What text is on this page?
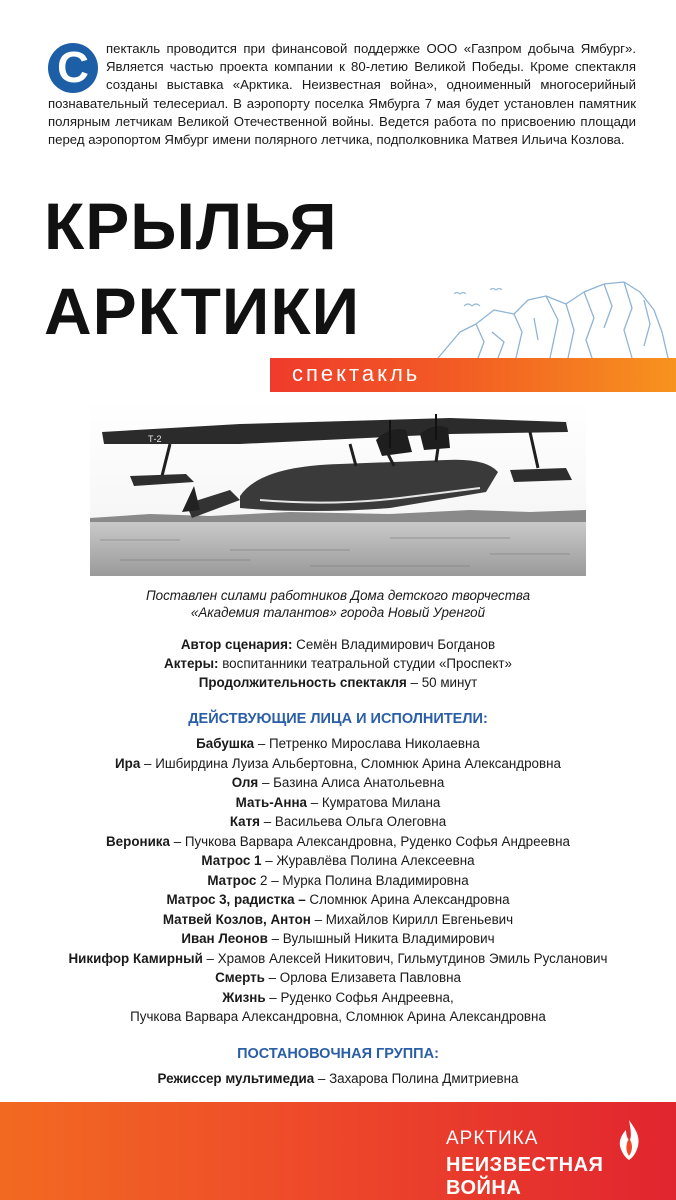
С	пектакль проводится при финансовой поддержке ООО «Газпром добыча Ямбург». Является частью проекта компании к 80-летию Великой Победы. Кроме спектакля созданы выставка «Арктика. Неизвестная война», одноименный многосерийный познавательный телесериал. В аэропорту поселка Ямбурга 7 мая будет установлен памятник полярным летчикам Великой Отечественной войны. Ведется работа по присвоению площади перед аэропортом Ямбург имени полярного летчика, подполковника Матвея Ильича Козлова.
КРЫЛЬЯ
АРКТИКИ
спектакль
Т-2
Поставлен силами работников Дома детского творчества
«Академия талантов» города Новый Уренгой
Автор сценария: Семён Владимирович Богданов
Актеры: воспитанники театральной студии «Проспект»
Продолжительность спектакля – 50 минут
ДЕЙСТВУЮЩИЕ ЛИЦА И ИСПОЛНИТЕЛИ:
Бабушка – Петренко Мирослава Николаевна
Ира – Ишбирдина Луиза Альбертовна, Сломнюк Арина Александровна
Оля – Базина Алиса Анатольевна
Мать-Анна – Кумратова Милана
Катя – Васильева Ольга Олеговна
Вероника – Пучкова Варвара Александровна, Руденко Софья Андреевна
Матрос 1 – Журавлёва Полина Алексеевна
Матрос 2 – Мурка Полина Владимировна
Матрос 3, радистка – Сломнюк Арина Александровна
Матвей Козлов, Антон – Михайлов Кирилл Евгеньевич
Иван Леонов – Вулышный Никита Владимирович
Никифор Камирный – Храмов Алексей Никитович, Гильмутдинов Эмиль Русланович
Смерть – Орлова Елизавета Павловна
Жизнь – Руденко Софья Андреевна,
Пучкова Варвара Александровна, Сломнюк Арина Александровна
ПОСТАНОВОЧНАЯ ГРУППА:
Режиссер мультимедиа – Захарова Полина Дмитриевна
АРКТИКА
НЕИЗВЕСТНАЯ ВОЙНА
